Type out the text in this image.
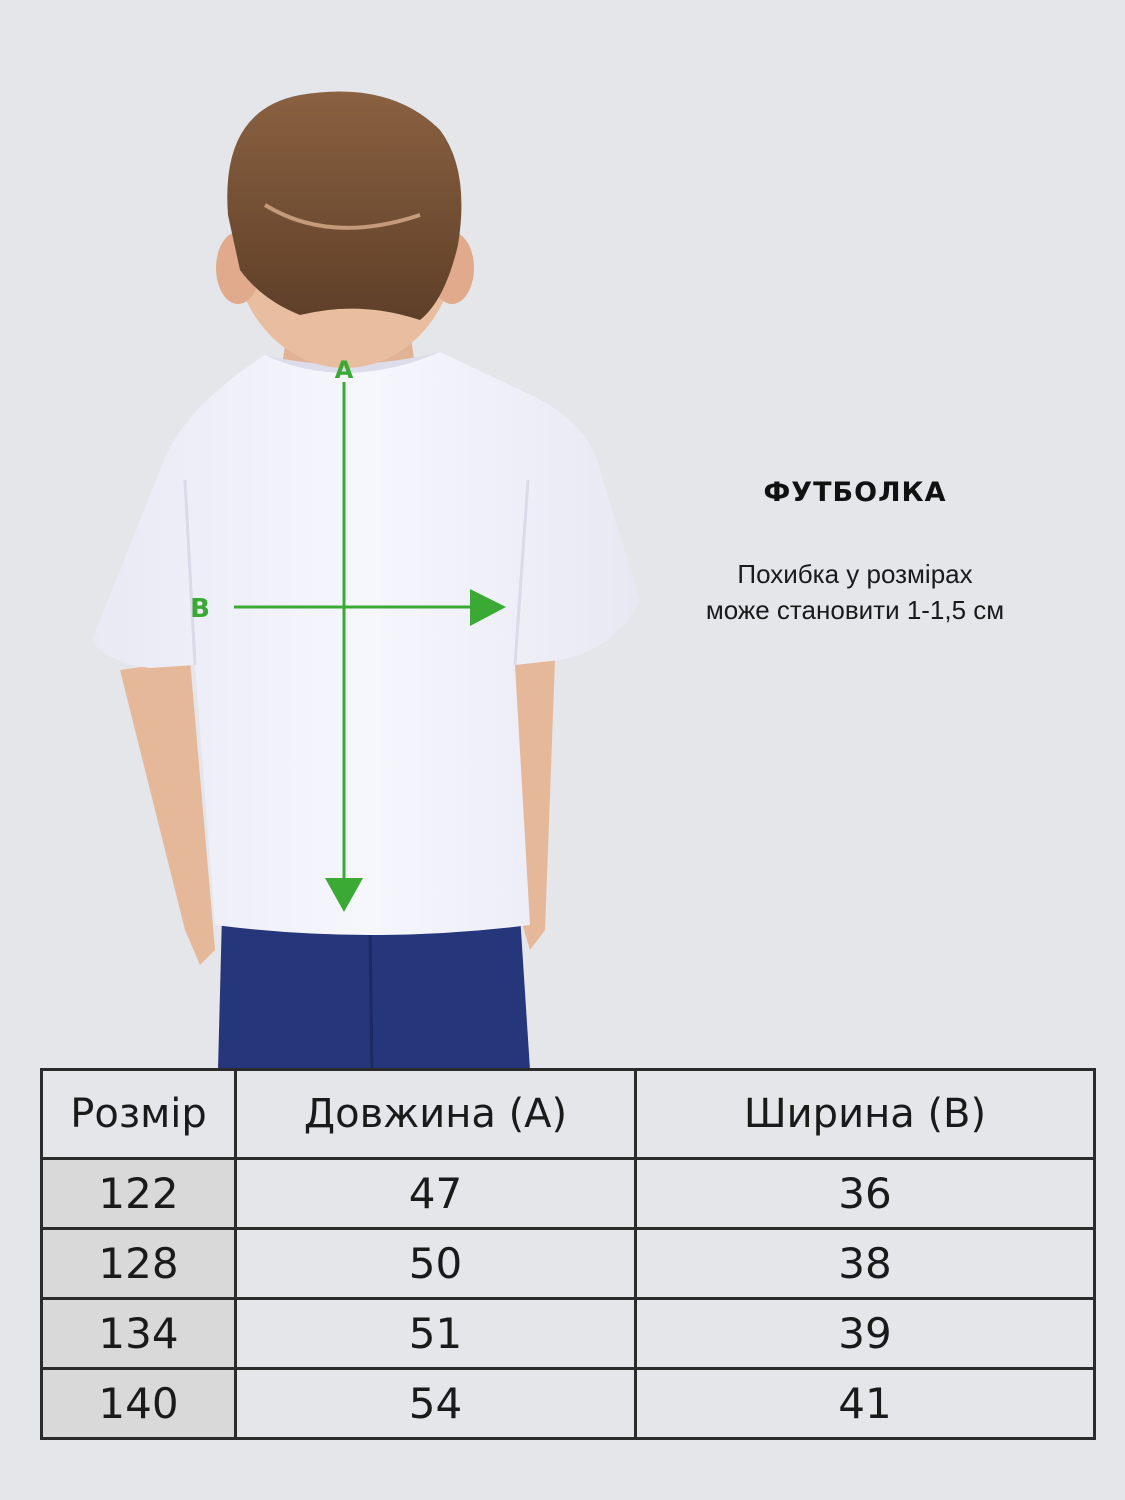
A
B
ФУТБОЛКА
Похибка у розмірах
може становити 1-1,5 см
Розмір	Довжина (А)	Ширина (В)
122	47	36
128	50	38
134	51	39
140	54	41
